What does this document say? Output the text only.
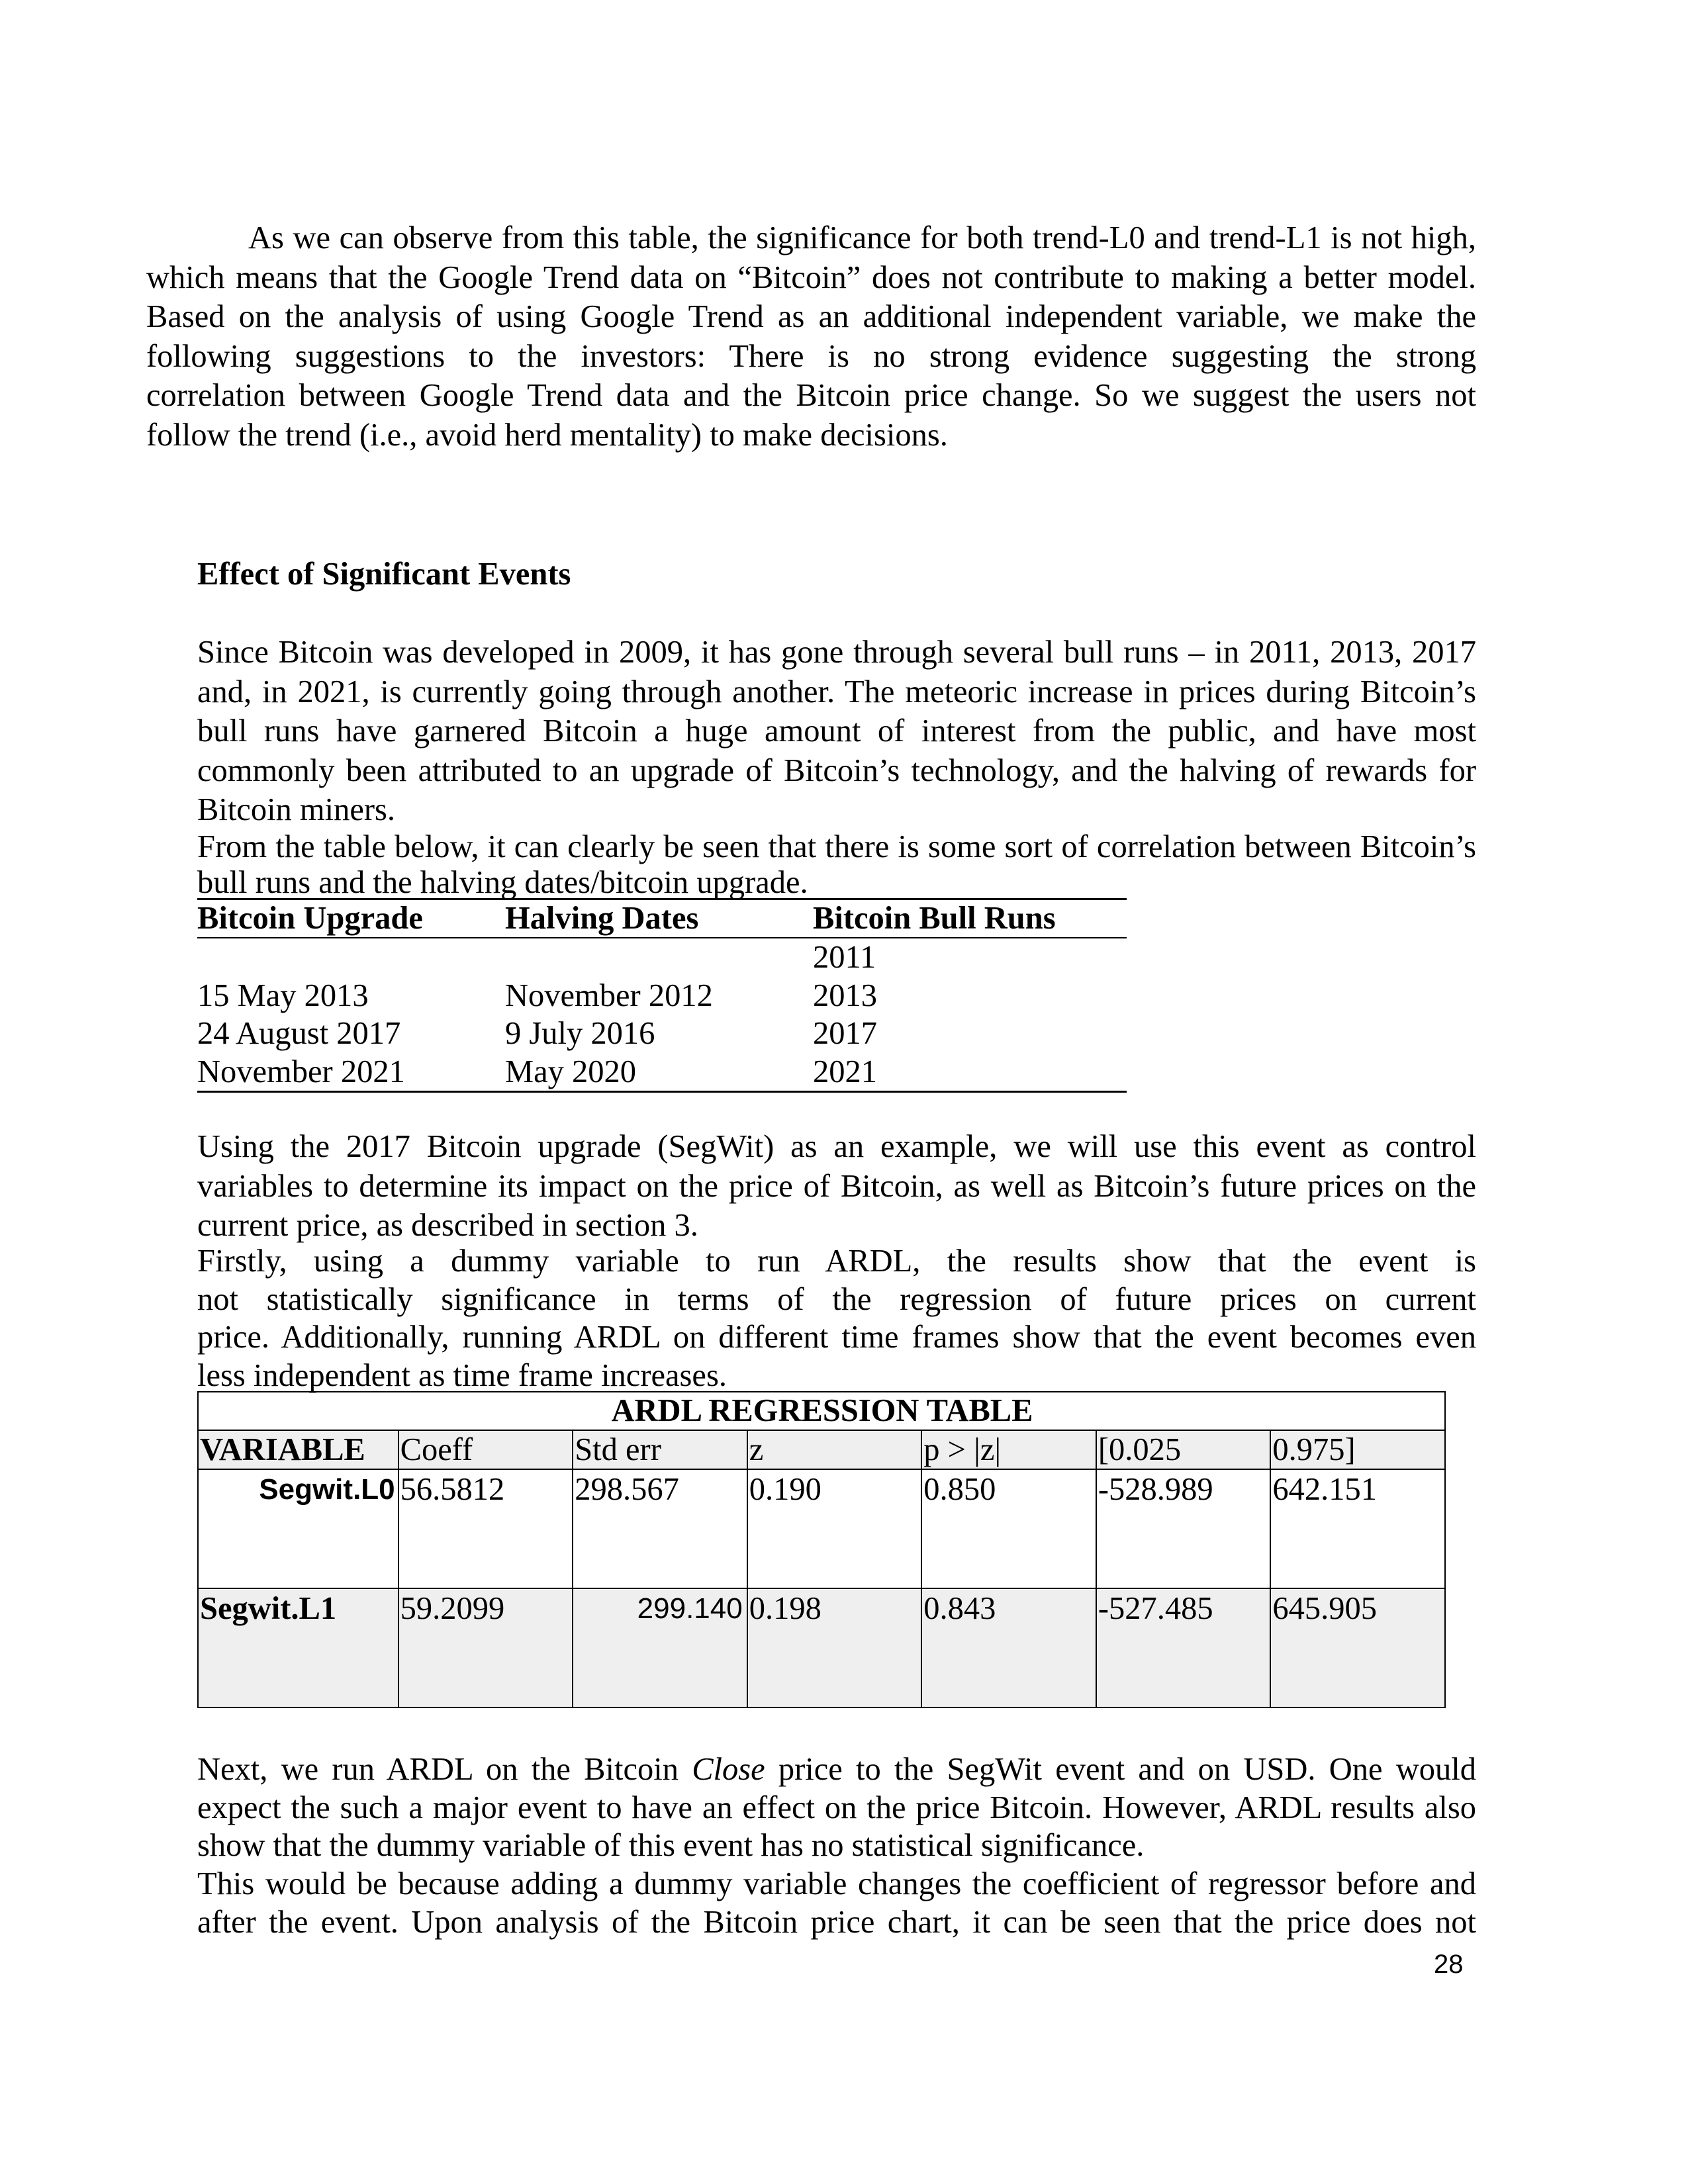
As we can observe from this table, the significance for both trend-L0 and trend-L1 is not high,
which means that the Google Trend data on “Bitcoin” does not contribute to making a better model.
Based on the analysis of using Google Trend as an additional independent variable, we make the
following suggestions to the investors: There is no strong evidence suggesting the strong
correlation between Google Trend data and the Bitcoin price change. So we suggest the users not
follow the trend (i.e., avoid herd mentality) to make decisions.
Effect of Significant Events
Since Bitcoin was developed in 2009, it has gone through several bull runs – in 2011, 2013, 2017
and, in 2021, is currently going through another. The meteoric increase in prices during Bitcoin’s
bull runs have garnered Bitcoin a huge amount of interest from the public, and have most
commonly been attributed to an upgrade of Bitcoin’s technology, and the halving of rewards for
Bitcoin miners.
From the table below, it can clearly be seen that there is some sort of correlation between Bitcoin’s
bull runs and the halving dates/bitcoin upgrade.
Bitcoin Upgrade	Halving Dates	Bitcoin Bull Runs
		2011
15 May 2013	November 2012	2013
24 August 2017	9 July 2016	2017
November 2021	May 2020	2021
Using the 2017 Bitcoin upgrade (SegWit) as an example, we will use this event as control
variables to determine its impact on the price of Bitcoin, as well as Bitcoin’s future prices on the
current price, as described in section 3.
Firstly, using a dummy variable to run ARDL, the results show that the event is
not statistically significance in terms of the regression of future prices on current
price. Additionally, running ARDL on different time frames show that the event becomes even
less independent as time frame increases.
ARDL REGRESSION TABLE						
VARIABLE	Coeff	Std err	z	p > |z|	[0.025	0.975]
Segwit.L0	56.5812	298.567	0.190	0.850	-528.989	642.151
Segwit.L1	59.2099	299.140	0.198	0.843	-527.485	645.905
Next, we run ARDL on the Bitcoin Close price to the SegWit event and on USD. One would
expect the such a major event to have an effect on the price Bitcoin. However, ARDL results also
show that the dummy variable of this event has no statistical significance.
This would be because adding a dummy variable changes the coefficient of regressor before and
after the event. Upon analysis of the Bitcoin price chart, it can be seen that the price does not
28
